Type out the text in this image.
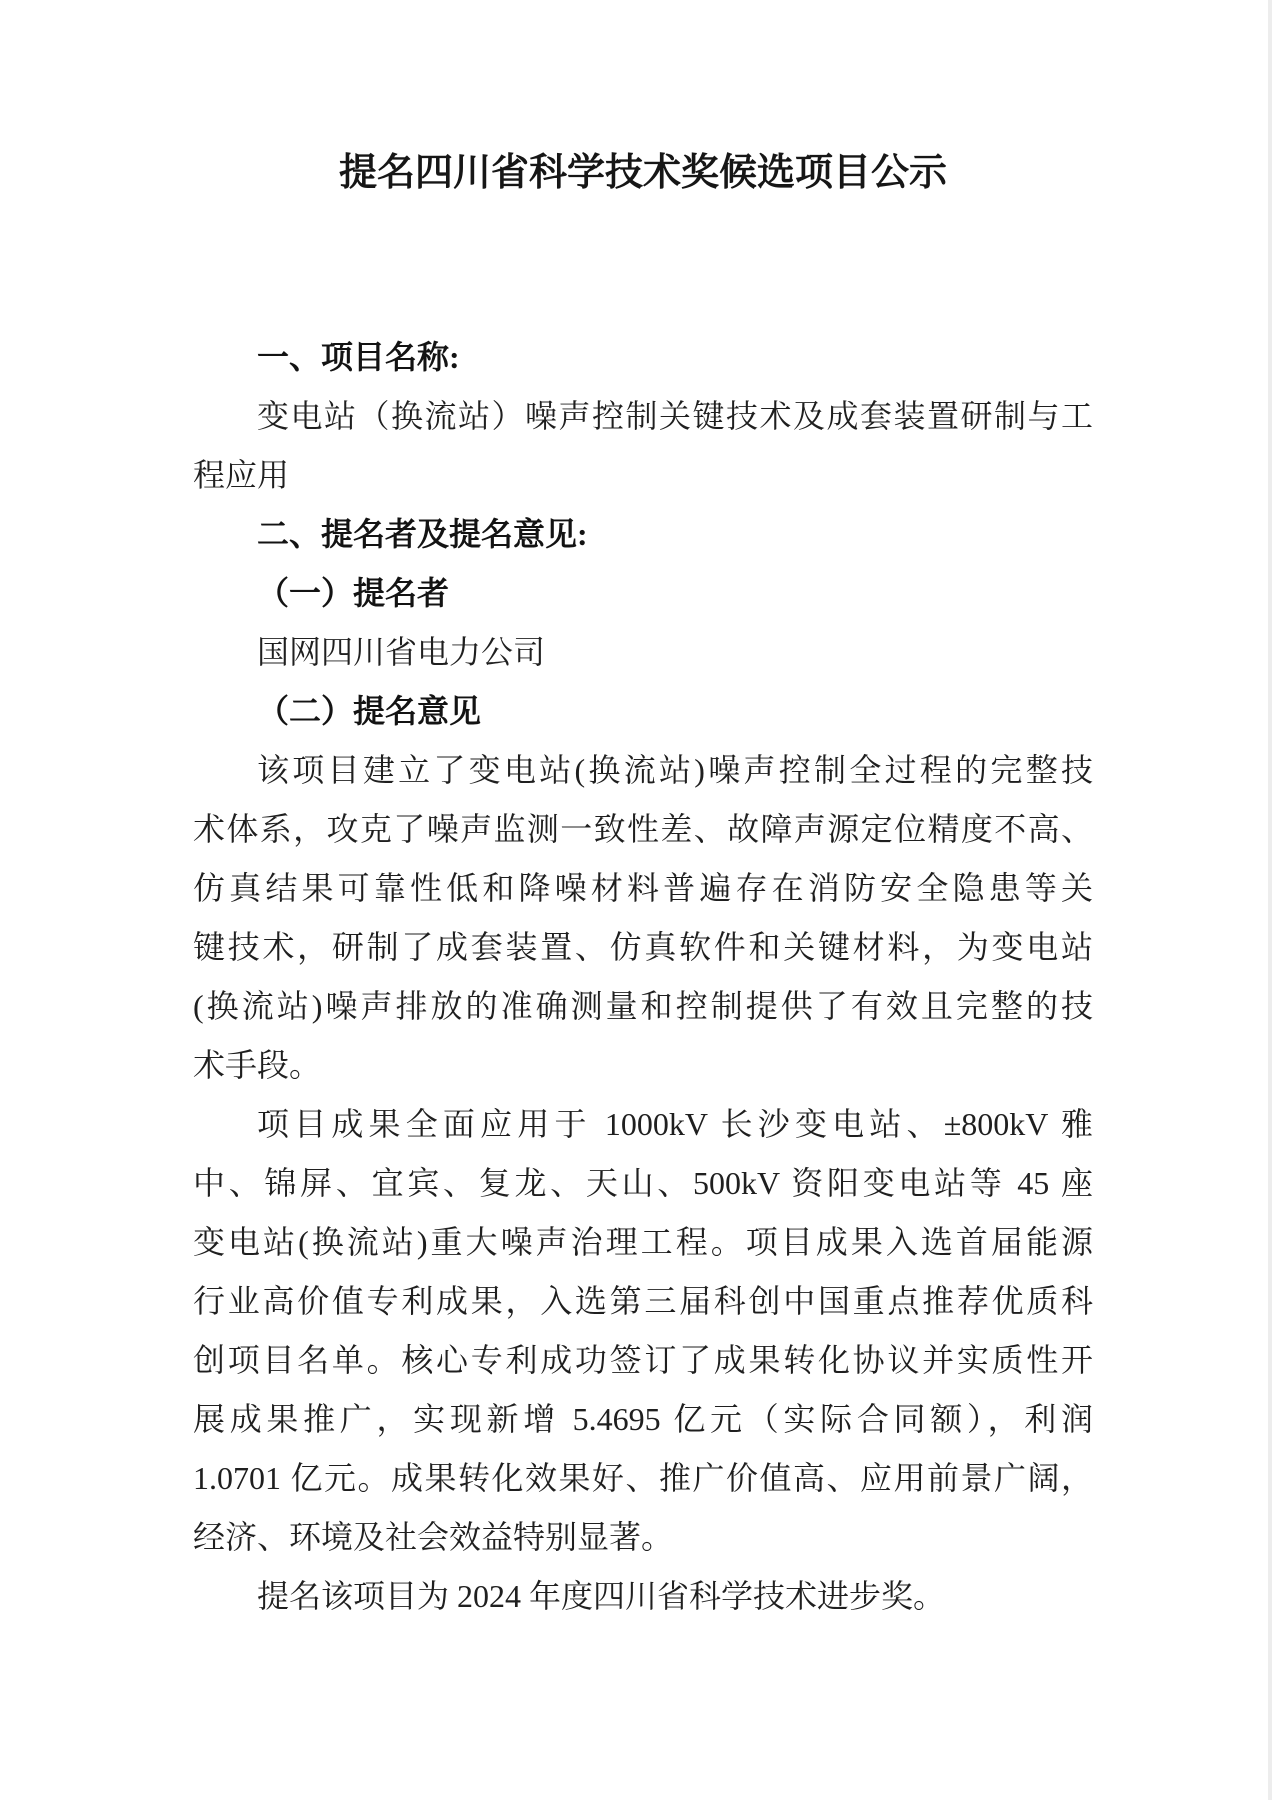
提名四川省科学技术奖候选项目公示
一、项目名称:
变电站（换流站）噪声控制关键技术及成套装置研制与工
程应用
二、提名者及提名意见:
（一）提名者
国网四川省电力公司
（二）提名意见
该项目建立了变电站(换流站)噪声控制全过程的完整技
术体系，攻克了噪声监测一致性差、故障声源定位精度不高、
仿真结果可靠性低和降噪材料普遍存在消防安全隐患等关
键技术，研制了成套装置、仿真软件和关键材料，为变电站
(换流站)噪声排放的准确测量和控制提供了有效且完整的技
术手段。
项目成果全面应用于 1000kV 长沙变电站、±800kV 雅
中、锦屏、宜宾、复龙、天山、500kV 资阳变电站等 45 座
变电站(换流站)重大噪声治理工程。项目成果入选首届能源
行业高价值专利成果，入选第三届科创中国重点推荐优质科
创项目名单。核心专利成功签订了成果转化协议并实质性开
展成果推广，实现新增 5.4695 亿元（实际合同额），利润
1.0701 亿元。成果转化效果好、推广价值高、应用前景广阔，
经济、环境及社会效益特别显著。
提名该项目为 2024 年度四川省科学技术进步奖。
